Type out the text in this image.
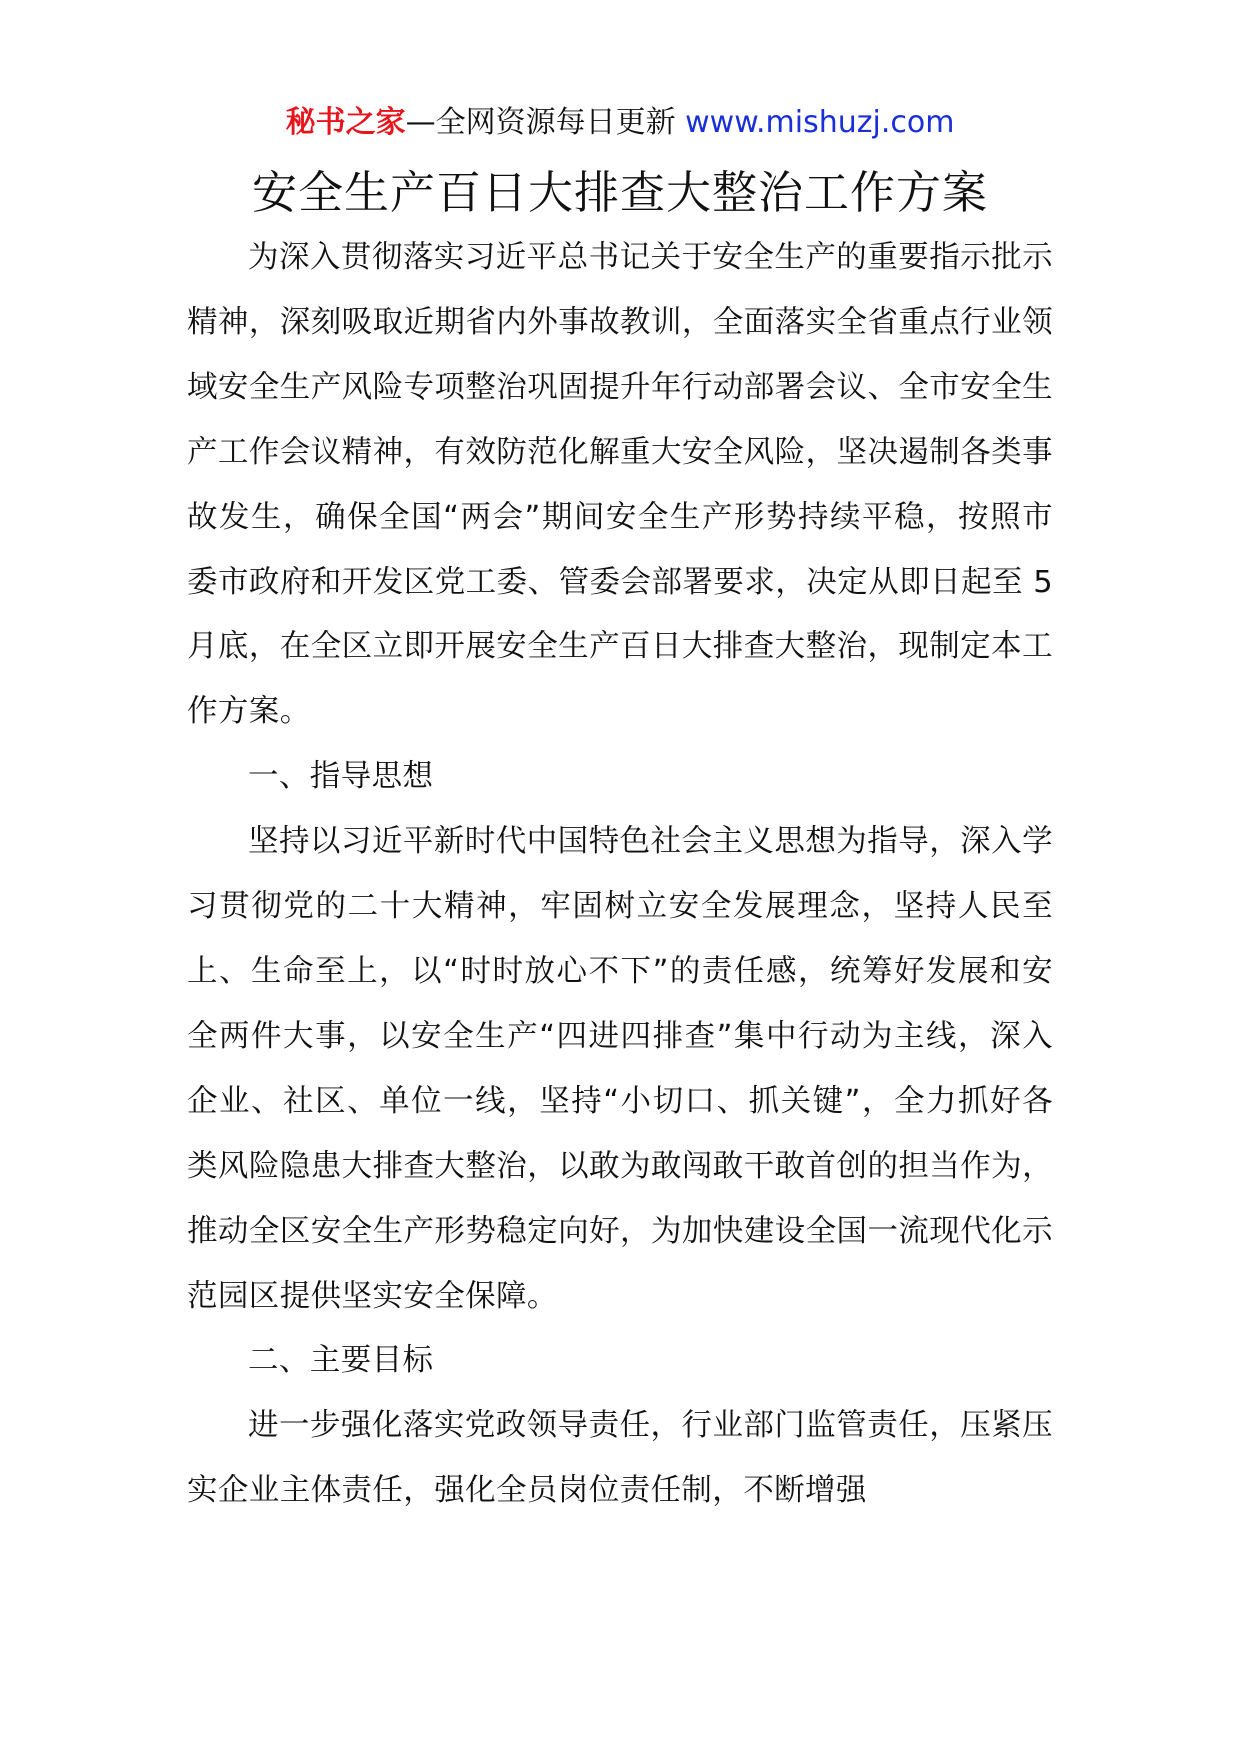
秘书之家—全网资源每日更新 www.mishuzj.com
安全生产百日大排查大整治工作方案

为深入贯彻落实习近平总书记关于安全生产的重要指示批示精神，深刻吸取近期省内外事故教训，全面落实全省重点行业领域安全生产风险专项整治巩固提升年行动部署会议、全市安全生产工作会议精神，有效防范化解重大安全风险，坚决遏制各类事故发生，确保全国“两会”期间安全生产形势持续平稳，按照市委市政府和开发区党工委、管委会部署要求，决定从即日起至 5 月底，在全区立即开展安全生产百日大排查大整治，现制定本工作方案。

一、指导思想

坚持以习近平新时代中国特色社会主义思想为指导，深入学习贯彻党的二十大精神，牢固树立安全发展理念，坚持人民至上、生命至上，以“时时放心不下”的责任感，统筹好发展和安全两件大事，以安全生产“四进四排查”集中行动为主线，深入企业、社区、单位一线，坚持“小切口、抓关键”，全力抓好各类风险隐患大排查大整治，以敢为敢闯敢干敢首创的担当作为，推动全区安全生产形势稳定向好，为加快建设全国一流现代化示范园区提供坚实安全保障。

二、主要目标

进一步强化落实党政领导责任，行业部门监管责任，压紧压实企业主体责任，强化全员岗位责任制，不断增强
